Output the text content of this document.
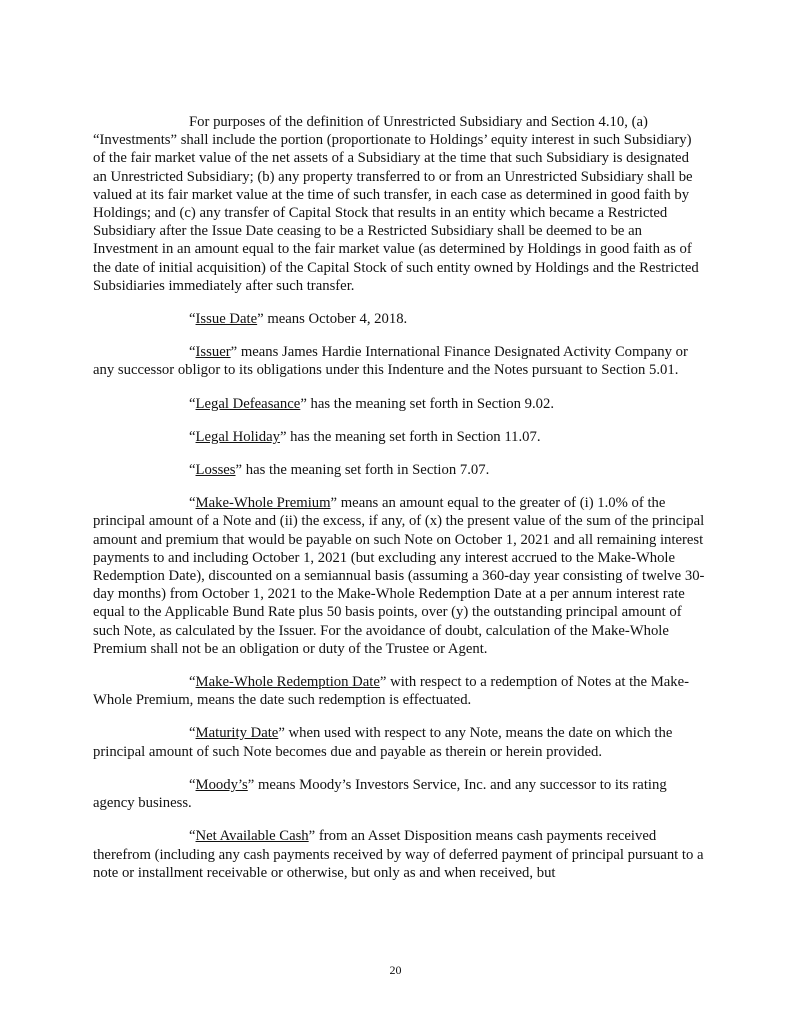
For purposes of the definition of Unrestricted Subsidiary and Section 4.10, (a) “Investments” shall include the portion (proportionate to Holdings’ equity interest in such Subsidiary) of the fair market value of the net assets of a Subsidiary at the time that such Subsidiary is designated an Unrestricted Subsidiary; (b) any property transferred to or from an Unrestricted Subsidiary shall be valued at its fair market value at the time of such transfer, in each case as determined in good faith by Holdings; and (c) any transfer of Capital Stock that results in an entity which became a Restricted Subsidiary after the Issue Date ceasing to be a Restricted Subsidiary shall be deemed to be an Investment in an amount equal to the fair market value (as determined by Holdings in good faith as of the date of initial acquisition) of the Capital Stock of such entity owned by Holdings and the Restricted Subsidiaries immediately after such transfer.

“Issue Date” means October 4, 2018.

“Issuer” means James Hardie International Finance Designated Activity Company or any successor obligor to its obligations under this Indenture and the Notes pursuant to Section 5.01.

“Legal Defeasance” has the meaning set forth in Section 9.02.

“Legal Holiday” has the meaning set forth in Section 11.07.

“Losses” has the meaning set forth in Section 7.07.

“Make-Whole Premium” means an amount equal to the greater of (i) 1.0% of the principal amount of a Note and (ii) the excess, if any, of (x) the present value of the sum of the principal amount and premium that would be payable on such Note on October 1, 2021 and all remaining interest payments to and including October 1, 2021 (but excluding any interest accrued to the Make-Whole Redemption Date), discounted on a semiannual basis (assuming a 360-day year consisting of twelve 30-day months) from October 1, 2021 to the Make-Whole Redemption Date at a per annum interest rate equal to the Applicable Bund Rate plus 50 basis points, over (y) the outstanding principal amount of such Note, as calculated by the Issuer. For the avoidance of doubt, calculation of the Make-Whole Premium shall not be an obligation or duty of the Trustee or Agent.

“Make-Whole Redemption Date” with respect to a redemption of Notes at the Make-Whole Premium, means the date such redemption is effectuated.

“Maturity Date” when used with respect to any Note, means the date on which the principal amount of such Note becomes due and payable as therein or herein provided.

“Moody’s” means Moody’s Investors Service, Inc. and any successor to its rating agency business.

“Net Available Cash” from an Asset Disposition means cash payments received therefrom (including any cash payments received by way of deferred payment of principal pursuant to a note or installment receivable or otherwise, but only as and when received, but

20
